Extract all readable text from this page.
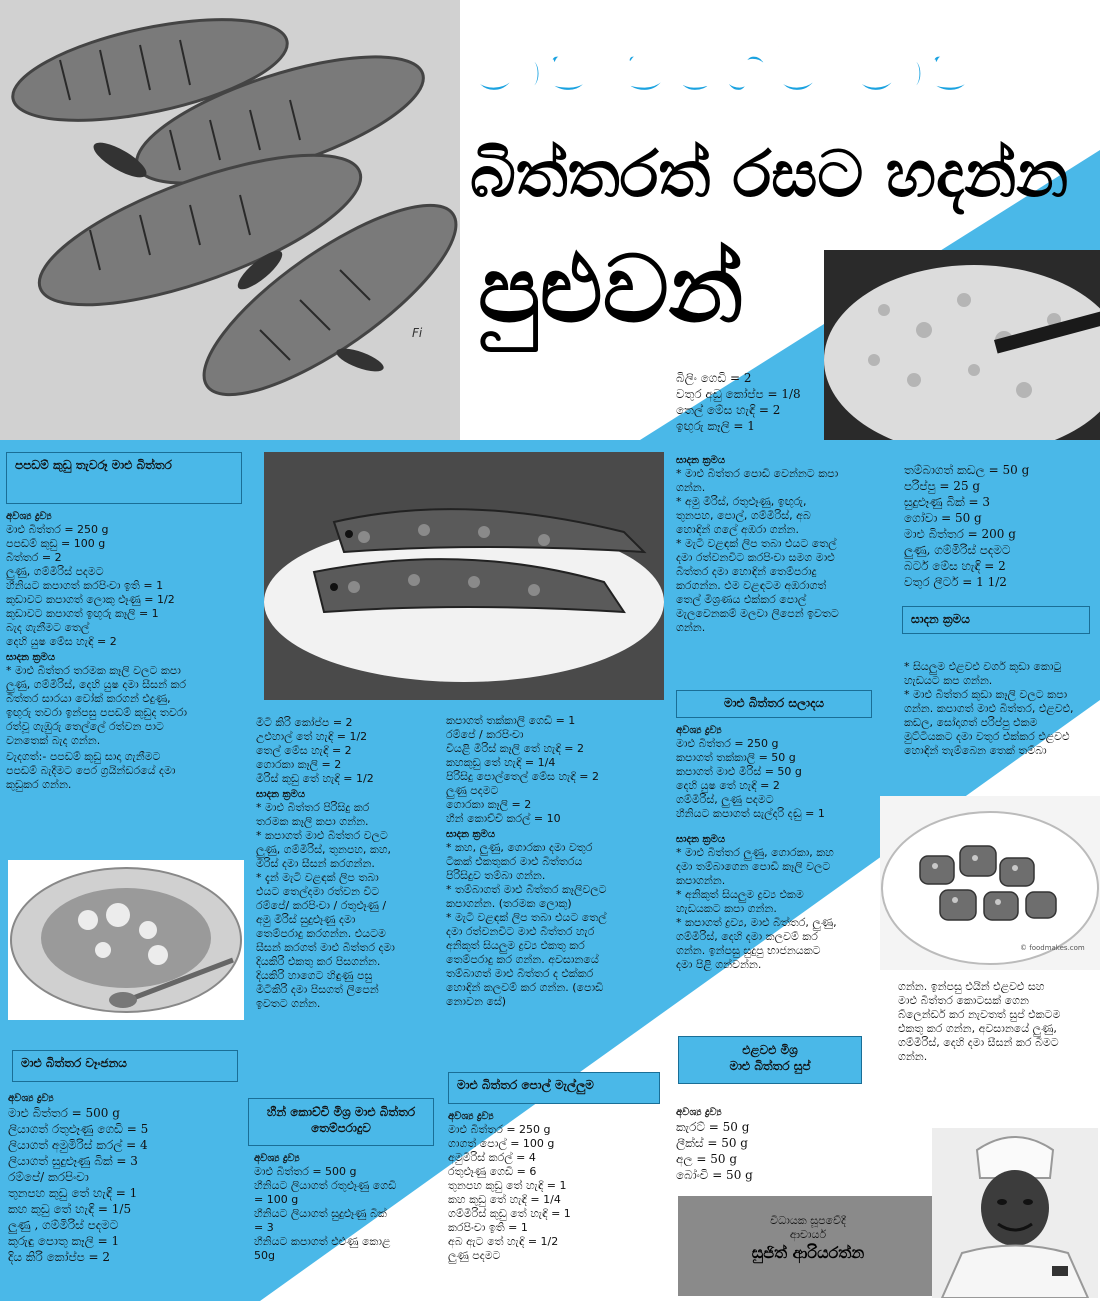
Fi
මාළු වගේම මාළු
බිත්තරත් රසට හදන්න
පුළුවන්
බිලිං ගෙඩි = 2
වතුර අඩු කෝප්ප = 1/8
තෙල් මේස හැඳි = 2
ඉඟුරු කෑලි = 1
පපඩම් කුඩු තැවරූ මාළු බිත්තර
අවශ්‍ය ද්‍රව්‍ය
මාළු බිත්තර = 250 g
පපඩම් කුඩු = 100 g
බිත්තර = 2
ලුණු, ගම්මිරිස් පදමට
හීනියට කපාගත් කරපිංචා ඉති = 1
කුඩාවට කපාගත් ලොකු ළූණු = 1/2
කුඩාවට කපාගත් ඉඟුරු කෑලි = 1
බැද ගැනීමට තෙල්
දෙහි යුෂ මේස හැඳි = 2
සාදන ක්‍රමය
* මාළු බිත්තර තරමක කෑලි වලට කපා
ලුණු, ගම්මිරිස්, දෙහි යුෂ දමා සීසන් කර
බිත්තර සාරයා වෝක් කරගන් එදුණු,
ඉඟුරු තවරා ඉන්පසු පපඩම් කුඩුද තවරා
රත්වූ ගැඹුරු තෙල්ලේ රත්වන පාට
වනතෙක් බැද ගන්න.
වැදගත්:- පපඩම් කුඩු සාදා ගැනීමට
පපඩම් බැදීමට පෙර ග්‍රයින්ඩරයේ දමා
කුඩුකර ගන්න.
මාළු බිත්තර වෑංජනය
අවශ්‍ය ද්‍රව්‍ය
මාළු බිත්තර = 500 g
ලියාගත් රතුළූණු ගෙඩි = 5
ලියාගත් අමුමිරිස් කරල් = 4
ලියාගත් සුදුළූණු බික් = 3
රම්පේ/ කරපිංචා
තුනපහ කුඩු තේ හැඳි = 1
කහ කුඩු තේ හැඳි = 1/5
ලුණු , ගම්මිරිස් පදමට
කුරුඳු පොතු කෑලි = 1
දිය කිරි කෝප්ප = 2
මීටි කිරි කෝප්ප = 2
උළුහාල් තේ හැඳි = 1/2
තෙල් මේස හැඳි = 2
ගොරකා කෑලි = 2
මිරිස් කුඩු තේ හැඳි = 1/2
සාදන ක්‍රමය
* මාළු බිත්තර පිරිසිදු කර
තරමක කෑලි කපා ගන්න.
* කපාගත් මාළු බිත්තර වලට
ලුණු, ගම්මිරිස්, තුනපහ, කහ,
මිරිස් දමා සීසන් කරගන්න.
* දැන් මැටි වළඳක් ලිප තබා
එයට තෙල්දමා රත්වන විට
රම්පේ/ කරපිංචා / රතුළූණු /
අමු මිරිස් සුදුළූණු දමා
තෙම්පරාදු කරගන්න. එයටම
සීසන් කරගත් මාළු බිත්තර දමා
දියකිරි එකතු කර පිසගන්න.
දියකිරි හාගෙට හිඳුණු පසු
මීටිකිරි දමා පිසගත් ලිපෙන්
ඉවතට ගන්න.
හීන් කොච්චි මිශ්‍ර මාළු බිත්තර තෙම්පරාදුව
අවශ්‍ය ද්‍රව්‍ය
මාළු බිත්තර = 500 g
හීනියට ලියාගත් රතුළූණු ගෙඩි
= 100 g
හීනියට ලියාගත් සුදුළූණු බික්
= 3
හීනියට කපාගත් එළුණු කොළ
50g
කපාගත් තක්කාලි ගෙඩි = 1
රම්පේ / කරපිංචා
වියළි මිරිස් කෑලි තේ හැඳි = 2
කහකුඩු තේ හැඳි = 1/4
පිරිසිදු පොල්තෙල් මේස හැඳි = 2
ලුණු පදමට
ගොරකා කෑලි = 2
හීන් කොච්චි කරල් = 10
සාදන ක්‍රමය
* කහ, ලුණු, ගොරකා දමා වතුර
ටිකක් එකතුකර මාළු බිත්තරය
පිරිසිදුව තම්බා ගන්න.
* තම්බාගත් මාළු බිත්තර කෑලිවලට
කපාගන්න. (තරමක ලොකු)
* මැටි වළඳක් ලිප තබා එයට තෙල්
දමා රත්වනවිට මාළු බිත්තර හැර
අනිකුත් සියලුම ද්‍රව්‍ය එකතු කර
තෙම්පරාදු කර ගන්න. අවසානයේ
තම්බාගත් මාළු බිත්තර ද එක්කර
හොඳින් කලවම් කර ගන්න. (පොඩි
නොවන සේ)
මාළු බිත්තර පොල් මැල්ලුම
අවශ්‍ය ද්‍රව්‍ය
මාළු බිත්තර = 250 g
ගාගත් පොල් = 100 g
අමුමිරිස් කරල් = 4
රතුළූණු ගෙඩි = 6
තුනපහ කුඩු තේ හැඳි = 1
කහ කුඩු තේ හැඳි = 1/4
ගම්මිරිස් කුඩු තේ හැඳි = 1
කරපිංචා ඉති = 1
අබ ඇට තේ හැඳි = 1/2
ලුණු පදමට
සාදන ක්‍රමය
* මාළු බිත්තර පොඩි වෙන්නට කපා
ගන්න.
* අමු මිරිස්, රතුළූණු, ඉඟුරු,
තුනපහ, පොල්, ගම්මිරිස්, අබ
හොඳින් ගලේ අඹරා ගන්න.
* මැටි වළඳක් ලිප තබා එයට තෙල්
දමා රත්වනවිට කරපිංචා සමග මාළු
බිත්තර දමා හොඳින් තෙම්පරාදු
කරගන්න. එම වළඳටම අඹරාගත්
තෙල් මිශ්‍රණය එක්කර පොල්
මැලවෙනකම් මලවා ලිපෙන් ඉවතට
ගන්න.
මාළු බිත්තර සලාදය
අවශ්‍ය ද්‍රව්‍ය
මාළු බිත්තර = 250 g
කපාගත් තක්කාලි = 50 g
කපාගත් මාළු මිරිස් = 50 g
දෙහි යුෂ තේ හැඳි = 2
ගම්මිරිස්, ලුණු පදමට
හීනියට කපාගත් සැල්දරි දඬු = 1
සාදන ක්‍රමය
* මාළු බිත්තර ලුණු, ගොරකා, කහ
දමා තම්බාගෙන පොඩි කෑලි වලට
කපාගන්න.
* අනිකුත් සියලුම ද්‍රව්‍ය එකම
හැඩයකට කපා ගන්න.
* කපාගත් ද්‍රව්‍ය, මාළු බිත්තර, ලුණු,
ගම්මිරිස්, දෙහි දමා කලවම් කර
ගන්න. ඉන්පසු සුදුපු භාජනයකට
දමා පිළි ගන්වන්න.
එළවළු මිශ්‍ර
මාළු බිත්තර සුප්
අවශ්‍ය ද්‍රව්‍ය
කැරට් = 50 g
ලීක්ස් = 50 g
අල = 50 g
බෝංචි = 50 g
තම්බාගත් කඩල = 50 g
පරිප්පු = 25 g
සුදුළූණු බික් = 3
ගෝවා = 50 g
මාළු බිත්තර = 200 g
ලුණු, ගම්මිරිස් පදමට
බටර් මේස හැඳි = 2
වතුර ලීටර් = 1 1/2
සාදන ක්‍රමය
* සියලුම එළවළු වර්ග කුඩා කොටු
හැඩයට කප ගන්න.
* මාළු බිත්තර කුඩා කෑලි වලට කපා
ගන්න. කපාගත් මාළු බිත්තර, එළවළු,
කඩල, සෝදාගත් පරිප්පු එකම
මුට්ටියකට දමා වතුර එක්කර එළවළු
හොඳින් තැම්බෙන තෙක් තම්බා
© foodmakes.com
ගන්න. ඉන්පසු එයින් එළවළු සහ
මාළු බිත්තර කොටසක් ගෙන
බ්ලෙන්ඩර් කර නැවතත් සුප් එකටම
එකතු කර ගන්න, අවසානයේ ලුණු,
ගම්මිරිස්, දෙහි දමා සීසන් කර බීමට
ගන්න.
විධායක සූපවේදී
ආචාර්ය
සුජිත් ආරියරත්න
